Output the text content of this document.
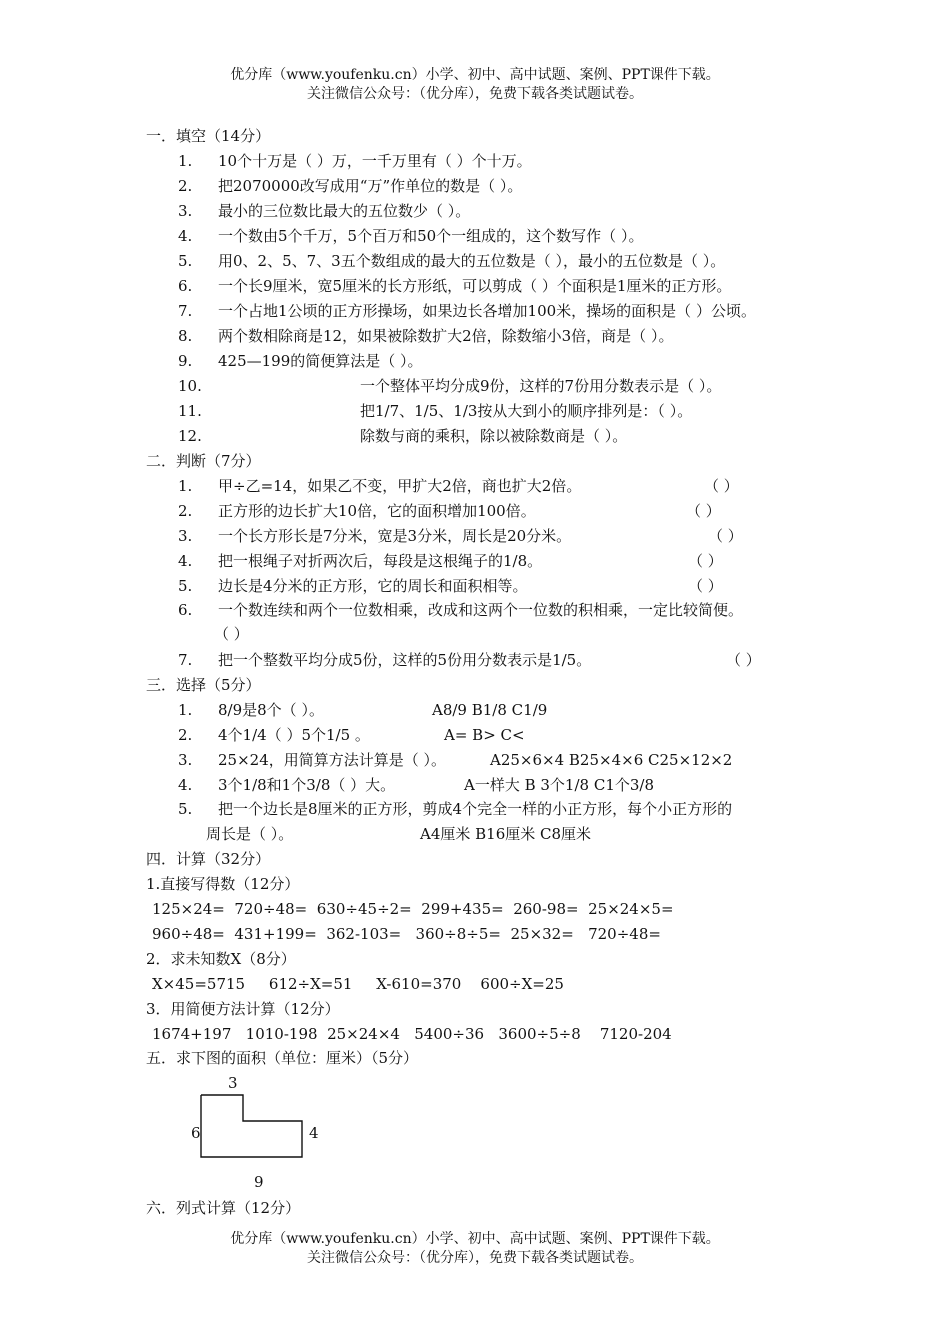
优分库（www.youfenku.cn）小学、初中、高中试题、案例、PPT课件下载。
关注微信公众号：（优分库），免费下载各类试题试卷。
一．填空（14分）
1. 10个十万是（ ）万，一千万里有（ ）个十万。
2. 把2070000改写成用“万”作单位的数是（ ）。
3. 最小的三位数比最大的五位数少（ ）。
4. 一个数由5个千万，5个百万和50个一组成的，这个数写作（ ）。
5. 用0、2、5、7、3五个数组成的最大的五位数是（ ），最小的五位数是（ ）。
6. 一个长9厘米，宽5厘米的长方形纸，可以剪成（ ）个面积是1厘米的正方形。
7. 一个占地1公顷的正方形操场，如果边长各增加100米，操场的面积是（ ）公顷。
8. 两个数相除商是12，如果被除数扩大2倍，除数缩小3倍，商是（ ）。
9. 425—199的简便算法是（ ）。
10.	一个整体平均分成9份，这样的7份用分数表示是（ ）。
11.	把1/7、1/5、1/3按从大到小的顺序排列是：（ ）。
12.	除数与商的乘积，除以被除数商是（ ）。
二．判断（7分）
1. 甲÷乙=14，如果乙不变，甲扩大2倍，商也扩大2倍。	（ ）
2. 正方形的边长扩大10倍，它的面积增加100倍。	（ ）
3. 一个长方形长是7分米，宽是3分米，周长是20分米。	（ ）
4. 把一根绳子对折两次后，每段是这根绳子的1/8。	（ ）
5. 边长是4分米的正方形，它的周长和面积相等。	（ ）
6. 一个数连续和两个一位数相乘，改成和这两个一位数的积相乘，一定比较简便。
（ ）
7. 把一个整数平均分成5份，这样的5份用分数表示是1/5。	（ ）
三．选择（5分）
1. 8/9是8个（ ）。	A8/9 B1/8 C1/9
2. 4个1/4（ ）5个1/5 。	A= B> C<
3. 25×24，用简算方法计算是（ ）。	A25×6×4 B25×4×6 C25×12×2
4. 3个1/8和1个3/8（ ）大。	A一样大 B 3个1/8 C1个3/8
5. 把一个边长是8厘米的正方形，剪成4个完全一样的小正方形，每个小正方形的
周长是（ ）。	A4厘米 B16厘米 C8厘米
四．计算（32分）
1.直接写得数（12分）
125×24=  720÷48=  630÷45÷2=  299+435=  260-98=  25×24×5=
960÷48=  431+199=  362-103=   360÷8÷5=  25×32=   720÷48=
2．求未知数X（8分）
X×45=5715     612÷X=51     X-610=370    600÷X=25
3．用简便方法计算（12分）
1674+197   1010-198  25×24×4   5400÷36   3600÷5÷8    7120-204
五．求下图的面积（单位：厘米）（5分）
3
6	4
9
六．列式计算（12分）
优分库（www.youfenku.cn）小学、初中、高中试题、案例、PPT课件下载。
关注微信公众号：（优分库），免费下载各类试题试卷。
